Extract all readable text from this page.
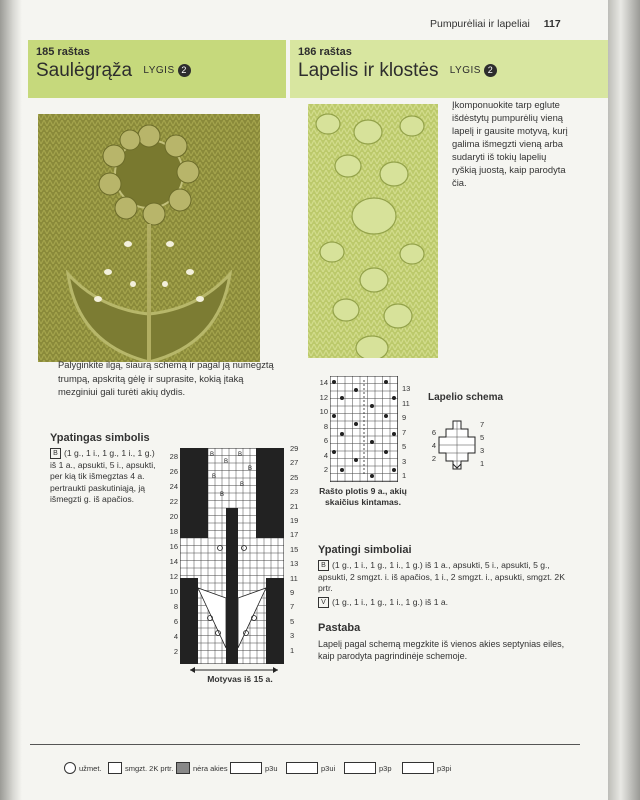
Pumpurėliai ir lapeliai 117
185 raštas
Saulėgrąža LYGIS 2
186 raštas
Lapelis ir klostės LYGIS 2
Įkomponuokite tarp eglute išdėstytų pumpurėlių vieną lapelį ir gausite motyvą, kurį galima išmegzti vieną arba sudaryti iš tokių lapelių ryškią juostą, kaip parodyta čia.
Palyginkite ilgą, siaurą schemą ir pagal ją numegztą trumpą, apskritą gėlę ir suprasite, kokią įtaką mezginiui gali turėti akių dydis.
Ypatingas simbolis
B (1 g., 1 i., 1 g., 1 i., 1 g.) iš 1 a., apsukti, 5 i., apsukti, per kią tik išmegztas 4 a. pertraukti paskutiniąją, ją išmegzti g. iš apačios.
28
26
24
22
20
18
16
14
12
10
8
6
4
2
B
B
B
B
B
B
B
29
27
25
23
21
19
17
15
13
11
9
7
5
3
1
Motyvas iš 15 a.
14
12
10
8
6
4
2
13
11
9
7
5
3
1
Rašto plotis 9 a., akių skaičius kintamas.
Lapelio schema
6
4
2
7
5
3
1
Ypatingi simboliai
B (1 g., 1 i., 1 g., 1 i., 1 g.) iš 1 a., apsukti, 5 i., apsukti, 5 g., apsukti, 2 smgzt. i. iš apačios, 1 i., 2 smgzt. i., apsukti, smgzt. 2K prtr.
V (1 g., 1 i., 1 g., 1 i., 1 g.) iš 1 a.
Pastaba
Lapelį pagal schemą megzkite iš vienos akies septynias eiles, kaip parodyta pagrindinėje schemoje.
užmet.	smgzt. 2K prtr.	nėra akies	p3u	p3ui	p3p	p3pi
